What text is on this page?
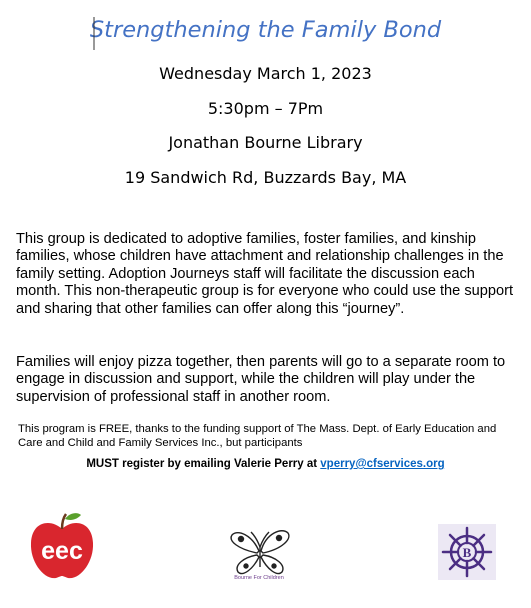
Strengthening the Family Bond
Wednesday March 1, 2023
5:30pm – 7Pm
Jonathan Bourne Library
19 Sandwich Rd, Buzzards Bay, MA

This group is dedicated to adoptive families, foster families, and kinship families, whose children have attachment and relationship challenges in the family setting. Adoption Journeys staff will facilitate the discussion each month. This non-therapeutic group is for everyone who could use the support and sharing that other families can offer along this “journey”.

Families will enjoy pizza together, then parents will go to a separate room to engage in discussion and support, while the children will play under the supervision of professional staff in another room.

This program is FREE, thanks to the funding support of The Mass. Dept. of Early Education and Care and Child and Family Services Inc., but participants

MUST register by emailing Valerie Perry at vperry@cfservices.org
eec
Bourne For Children
B
